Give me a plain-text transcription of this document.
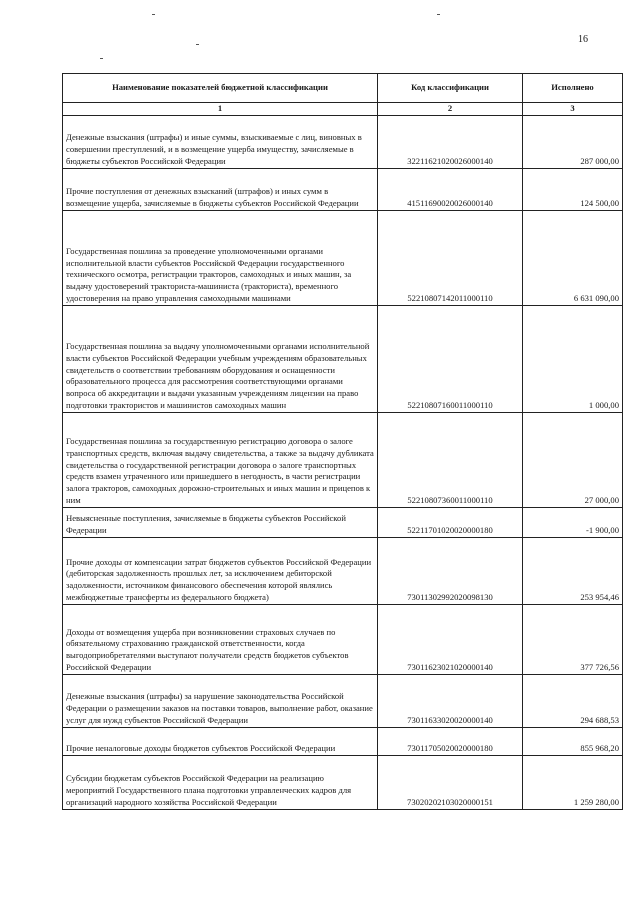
16
Наименование показателей бюджетной классификации	Код классификации	Исполнено
1	2	3
Денежные взыскания (штрафы) и иные суммы, взыскиваемые с лиц, виновных в совершении преступлений, и в возмещение ущерба имуществу, зачисляемые в бюджеты субъектов Российской Федерации	32211621020026000140	287 000,00
Прочие поступления от денежных взысканий (штрафов) и иных сумм в возмещение ущерба, зачисляемые в бюджеты субъектов Российской Федерации	41511690020026000140	124 500,00
Государственная пошлина за проведение уполномоченными органами исполнительной власти субъектов Российской Федерации государственного технического осмотра, регистрации тракторов, самоходных и иных машин, за выдачу удостоверений тракториста-машиниста (тракториста), временного удостоверения на право управления самоходными машинами	52210807142011000110	6 631 090,00
Государственная пошлина за выдачу уполномоченными органами исполнительной власти субъектов Российской Федерации учебным учреждениям образовательных свидетельств о соответствии требованиям оборудования и оснащенности образовательного процесса для рассмотрения соответствующими органами вопроса об аккредитации и выдачи указанным учреждениям лицензии на право подготовки трактористов и машинистов самоходных машин	52210807160011000110	1 000,00
Государственная пошлина за государственную регистрацию договора о залоге транспортных средств, включая выдачу свидетельства, а также за выдачу дубликата свидетельства о государственной регистрации договора о залоге транспортных средств взамен утраченного или пришедшего в негодность, в части регистрации залога тракторов, самоходных дорожно-строительных и иных машин и прицепов к ним	52210807360011000110	27 000,00
Невыясненные поступления, зачисляемые в бюджеты субъектов Российской Федерации	52211701020020000180	-1 900,00
Прочие доходы от компенсации затрат бюджетов субъектов Российской Федерации (дебиторская задолженность прошлых лет, за исключением дебиторской задолженности, источником финансового обеспечения которой являлись межбюджетные трансферты из федерального бюджета)	73011302992020098130	253 954,46
Доходы от возмещения ущерба при возникновении страховых случаев по обязательному страхованию гражданской ответственности, когда выгодоприобретателями выступают получатели средств бюджетов субъектов Российской Федерации	73011623021020000140	377 726,56
Денежные взыскания (штрафы) за нарушение законодательства Российской Федерации о размещении заказов на поставки товаров, выполнение работ, оказание услуг для нужд субъектов Российской Федерации	73011633020020000140	294 688,53
Прочие неналоговые доходы бюджетов субъектов Российской Федерации	73011705020020000180	855 968,20
Субсидии бюджетам субъектов Российской Федерации на реализацию мероприятий Государственного плана подготовки управленческих кадров для организаций народного хозяйства Российской Федерации	73020202103020000151	1 259 280,00
